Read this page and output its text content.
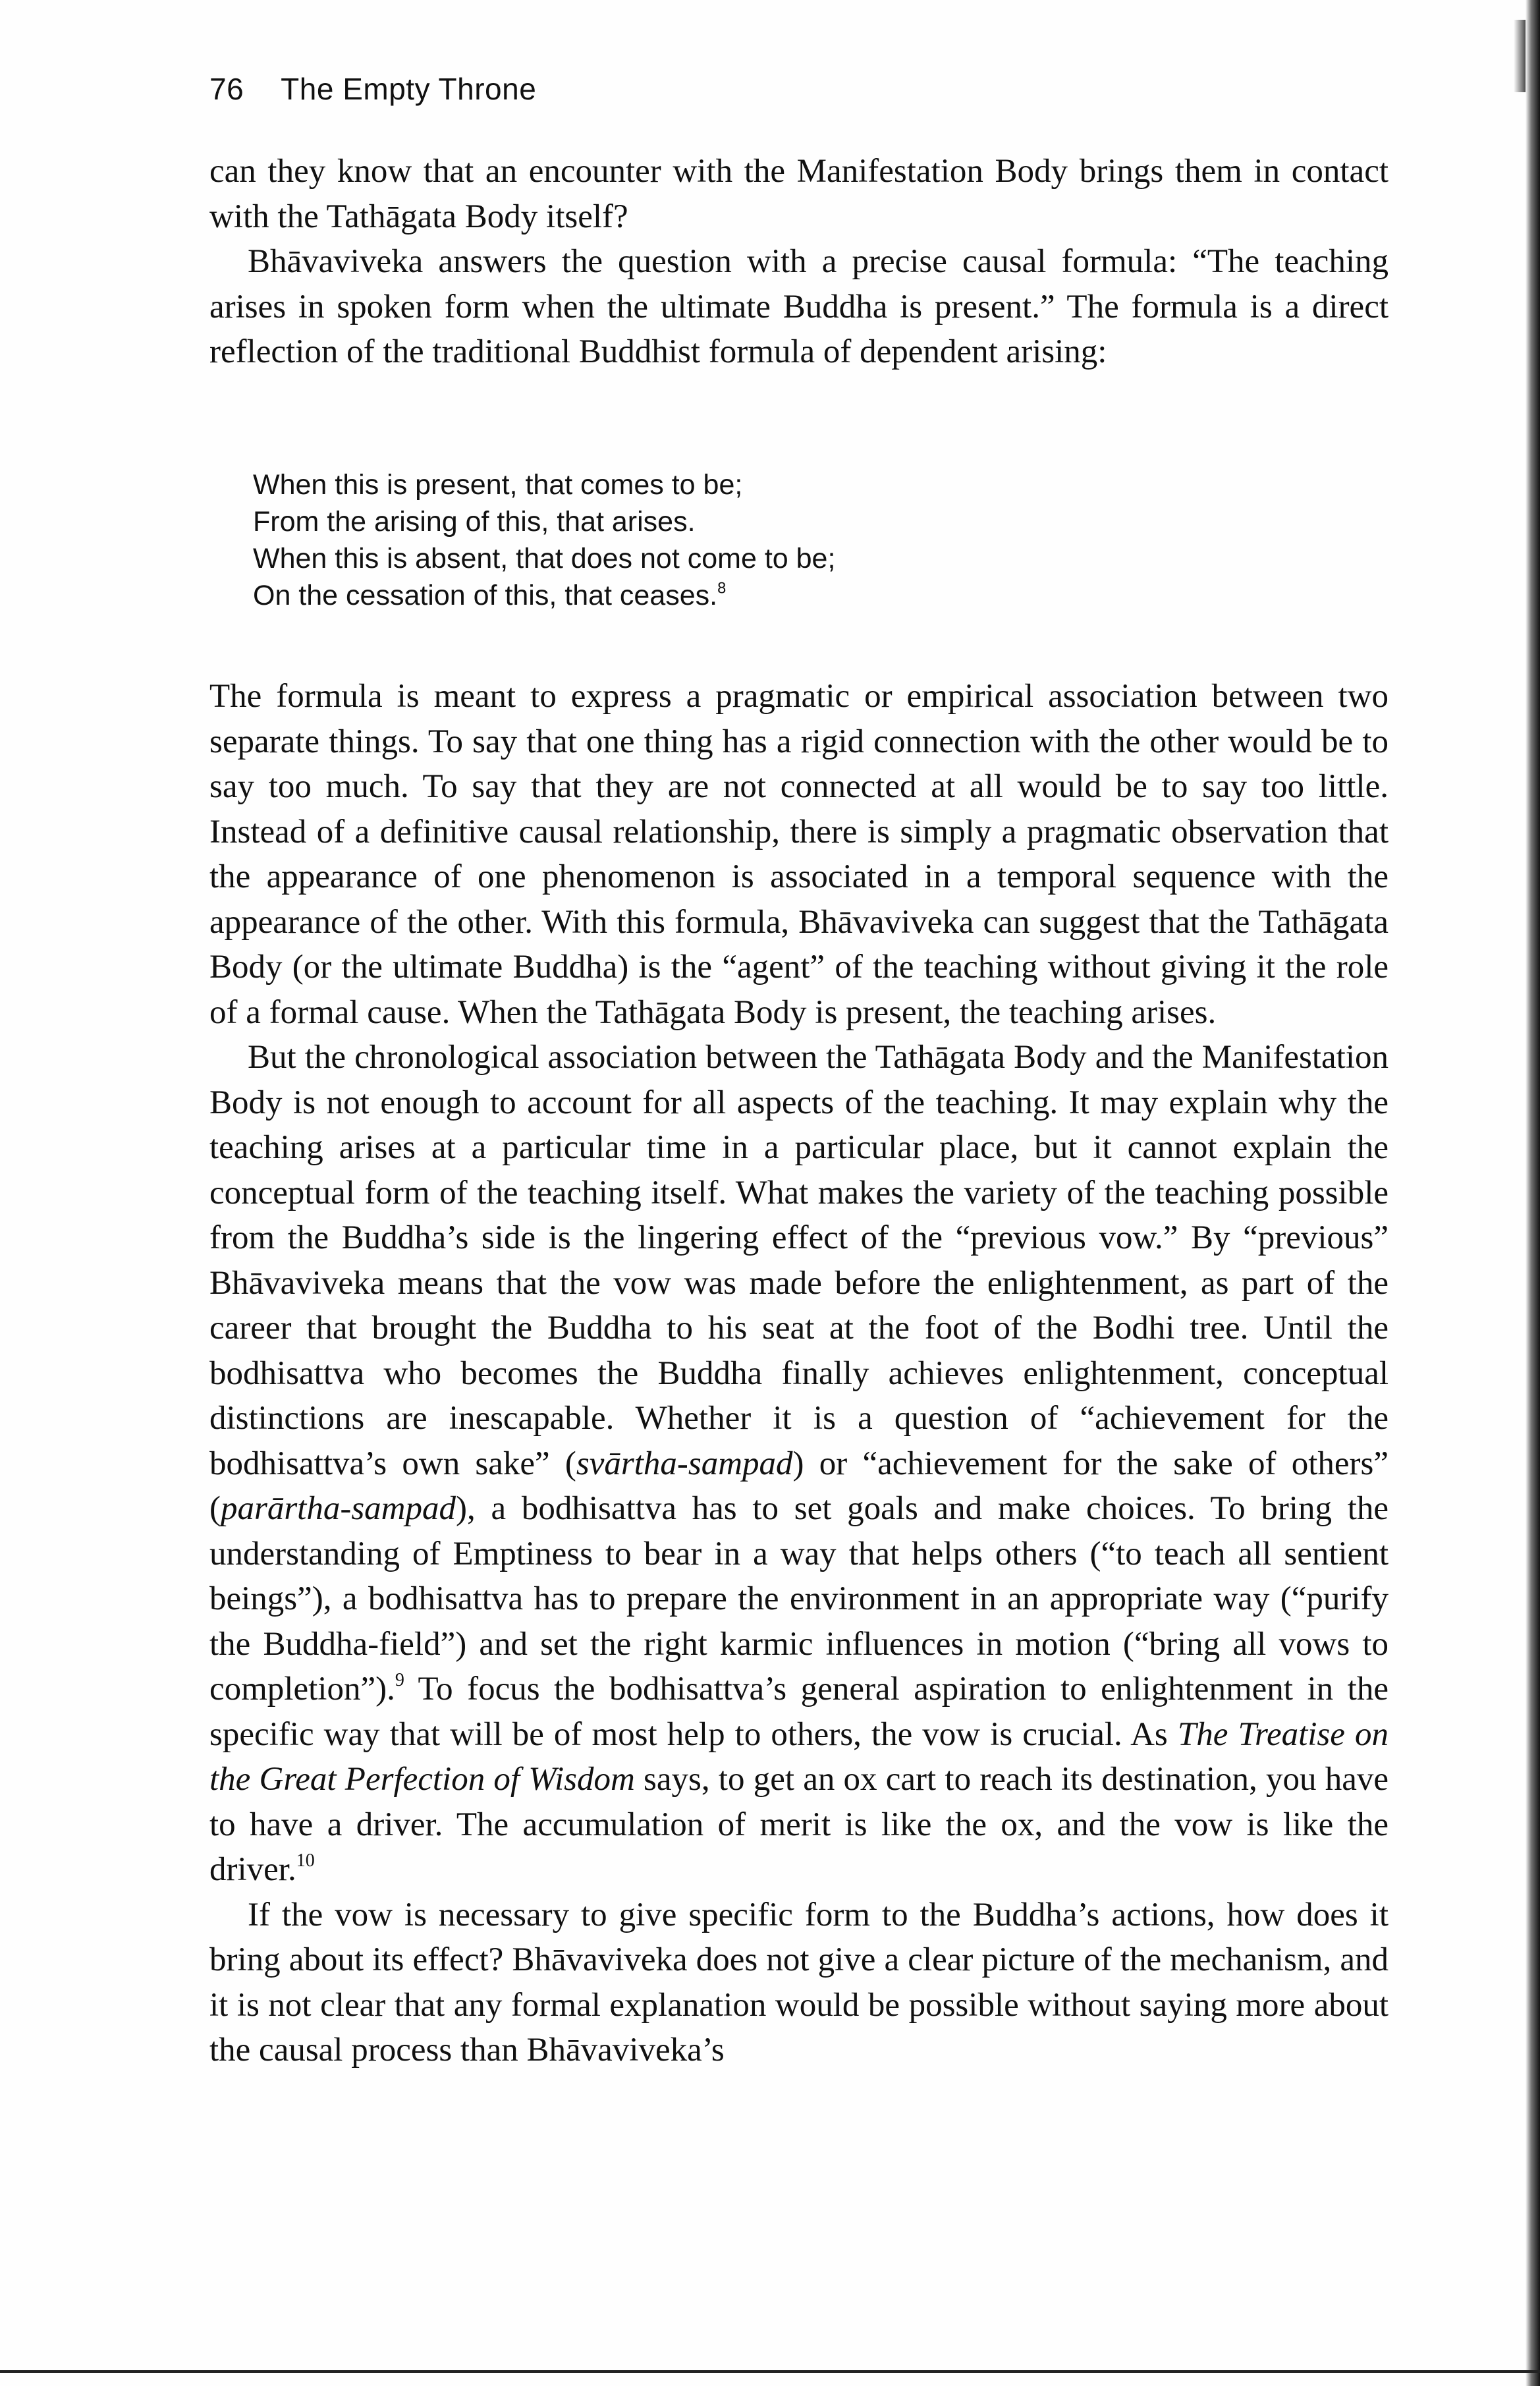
76 The Empty Throne

can they know that an encounter with the Manifestation Body brings them in contact with the Tathāgata Body itself?

Bhāvaviveka answers the question with a precise causal formula: “The teaching arises in spoken form when the ultimate Buddha is present.” The formula is a direct reflection of the traditional Buddhist formula of dependent arising:

When this is present, that comes to be;
From the arising of this, that arises.
When this is absent, that does not come to be;
On the cessation of this, that ceases.$^8$

The formula is meant to express a pragmatic or empirical association between two separate things. To say that one thing has a rigid connection with the other would be to say too much. To say that they are not connected at all would be to say too little. Instead of a definitive causal relationship, there is simply a pragmatic observation that the appearance of one phenomenon is associated in a temporal sequence with the appearance of the other. With this formula, Bhāvaviveka can suggest that the Tathāgata Body (or the ultimate Buddha) is the “agent” of the teaching without giving it the role of a formal cause. When the Tathāgata Body is present, the teaching arises.

But the chronological association between the Tathāgata Body and the Manifestation Body is not enough to account for all aspects of the teaching. It may explain why the teaching arises at a particular time in a particular place, but it cannot explain the conceptual form of the teaching itself. What makes the variety of the teaching possible from the Buddha’s side is the lingering effect of the “previous vow.” By “previous” Bhāvaviveka means that the vow was made before the enlightenment, as part of the career that brought the Buddha to his seat at the foot of the Bodhi tree. Until the bodhisattva who becomes the Buddha finally achieves enlightenment, conceptual distinctions are inescapable. Whether it is a question of “achievement for the bodhisattva’s own sake” (svārtha-sampad) or “achievement for the sake of others” (parārtha-sampad), a bodhisattva has to set goals and make choices. To bring the understanding of Emptiness to bear in a way that helps others (“to teach all sentient beings”), a bodhisattva has to prepare the environment in an appropriate way (“purify the Buddha-field”) and set the right karmic influences in motion (“bring all vows to completion”).$^9$ To focus the bodhisattva’s general aspiration to enlightenment in the specific way that will be of most help to others, the vow is crucial. As The Treatise on the Great Perfection of Wisdom says, to get an ox cart to reach its destination, you have to have a driver. The accumulation of merit is like the ox, and the vow is like the driver.$^{10}$

If the vow is necessary to give specific form to the Buddha’s actions, how does it bring about its effect? Bhāvaviveka does not give a clear picture of the mechanism, and it is not clear that any formal explanation would be possible without saying more about the causal process than Bhāvaviveka’s
